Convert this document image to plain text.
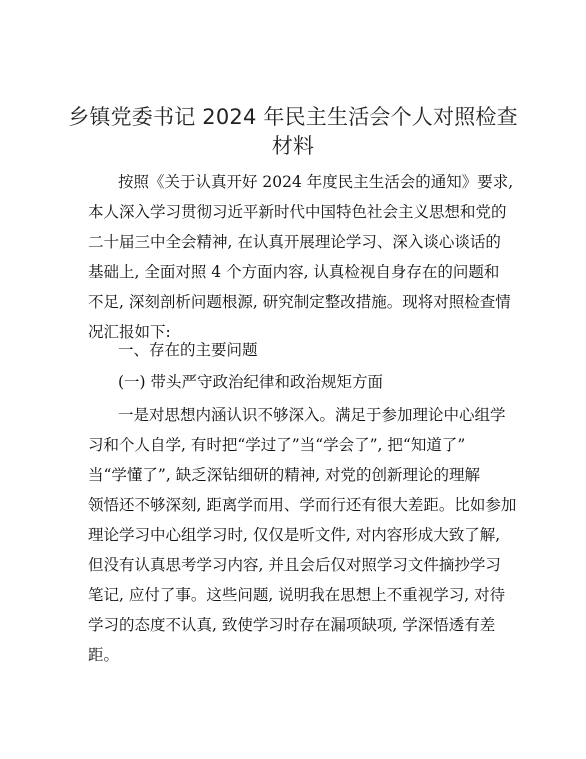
乡镇党委书记 2024 年民主生活会个人对照检查
材料
按照《关于认真开好 2024 年度民主生活会的通知》要求,
本人深入学习贯彻习近平新时代中国特色社会主义思想和党的
二十届三中全会精神, 在认真开展理论学习、深入谈心谈话的
基础上, 全面对照 4 个方面内容, 认真检视自身存在的问题和
不足, 深刻剖析问题根源, 研究制定整改措施。现将对照检查情
况汇报如下:
一、存在的主要问题
(一) 带头严守政治纪律和政治规矩方面
一是对思想内涵认识不够深入。满足于参加理论中心组学
习和个人自学, 有时把“学过了”当“学会了”, 把“知道了”
当“学懂了”, 缺乏深钻细研的精神, 对党的创新理论的理解
领悟还不够深刻, 距离学而用、学而行还有很大差距。比如参加
理论学习中心组学习时, 仅仅是听文件, 对内容形成大致了解,
但没有认真思考学习内容, 并且会后仅对照学习文件摘抄学习
笔记, 应付了事。这些问题, 说明我在思想上不重视学习, 对待
学习的态度不认真, 致使学习时存在漏项缺项, 学深悟透有差
距。
